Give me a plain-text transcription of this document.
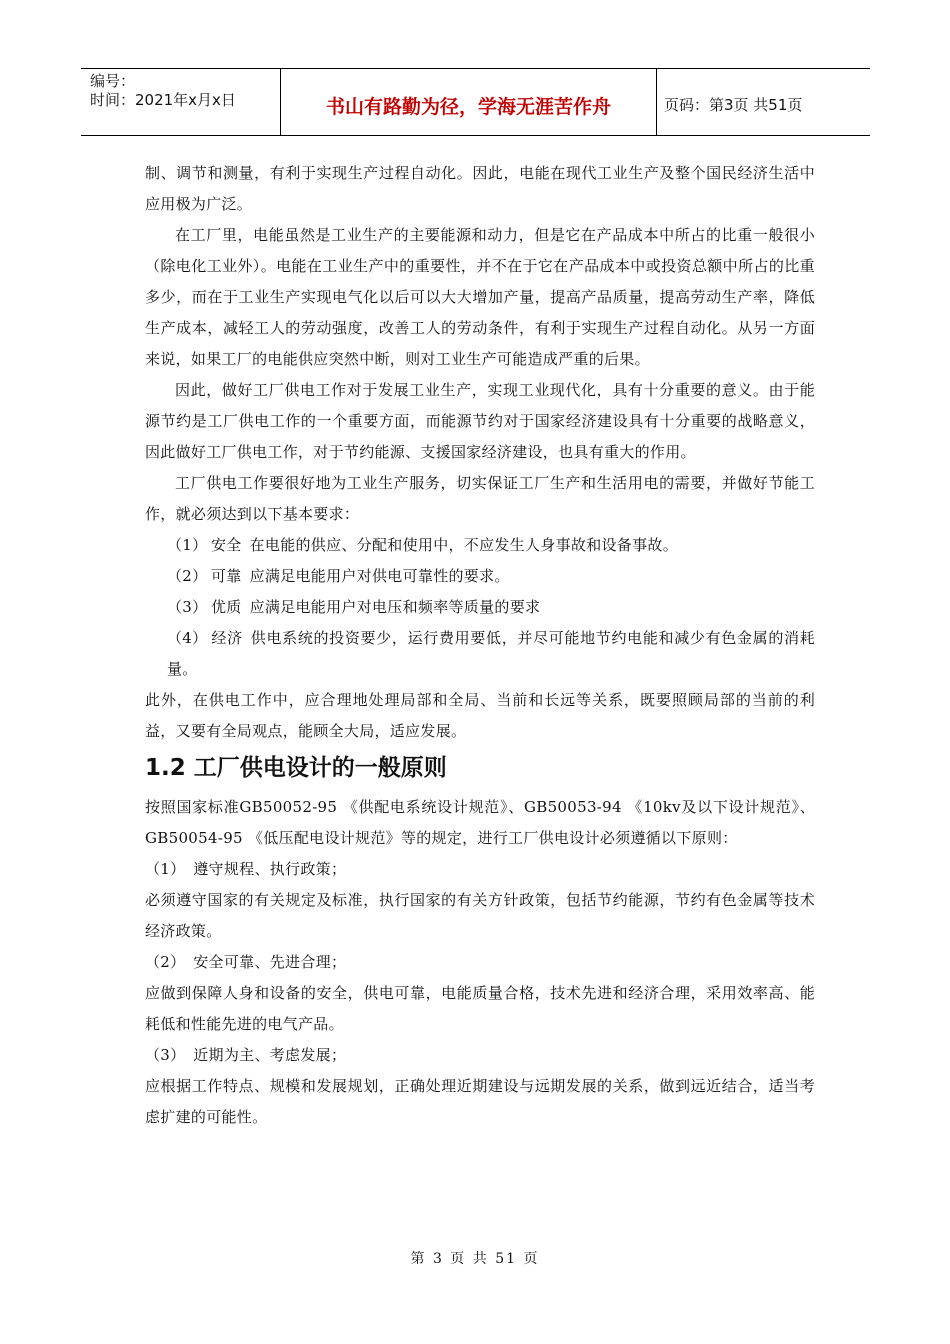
编号：
时间：2021年x月x日	书山有路勤为径，学海无涯苦作舟	页码：第3页 共51页

制、调节和测量，有利于实现生产过程自动化。因此，电能在现代工业生产及整个国民经济生活中应用极为广泛。

在工厂里，电能虽然是工业生产的主要能源和动力，但是它在产品成本中所占的比重一般很小（除电化工业外）。电能在工业生产中的重要性，并不在于它在产品成本中或投资总额中所占的比重多少，而在于工业生产实现电气化以后可以大大增加产量，提高产品质量，提高劳动生产率，降低生产成本，减轻工人的劳动强度，改善工人的劳动条件，有利于实现生产过程自动化。从另一方面来说，如果工厂的电能供应突然中断，则对工业生产可能造成严重的后果。

因此，做好工厂供电工作对于发展工业生产，实现工业现代化，具有十分重要的意义。由于能源节约是工厂供电工作的一个重要方面，而能源节约对于国家经济建设具有十分重要的战略意义，因此做好工厂供电工作，对于节约能源、支援国家经济建设，也具有重大的作用。

工厂供电工作要很好地为工业生产服务，切实保证工厂生产和生活用电的需要，并做好节能工作，就必须达到以下基本要求：

（1） 安全 在电能的供应、分配和使用中，不应发生人身事故和设备事故。

（2） 可靠 应满足电能用户对供电可靠性的要求。

（3） 优质 应满足电能用户对电压和频率等质量的要求

（4） 经济 供电系统的投资要少，运行费用要低，并尽可能地节约电能和减少有色金属的消耗量。

此外，在供电工作中，应合理地处理局部和全局、当前和长远等关系，既要照顾局部的当前的利益，又要有全局观点，能顾全大局，适应发展。

1.2 工厂供电设计的一般原则

按照国家标准GB50052-95 《供配电系统设计规范》、GB50053-94 《10kv及以下设计规范》、GB50054-95 《低压配电设计规范》等的规定，进行工厂供电设计必须遵循以下原则：

（1）　遵守规程、执行政策；

必须遵守国家的有关规定及标准，执行国家的有关方针政策，包括节约能源，节约有色金属等技术经济政策。

（2）　安全可靠、先进合理；

应做到保障人身和设备的安全，供电可靠，电能质量合格，技术先进和经济合理，采用效率高、能耗低和性能先进的电气产品。

（3）　近期为主、考虑发展；

应根据工作特点、规模和发展规划，正确处理近期建设与远期发展的关系，做到远近结合，适当考虑扩建的可能性。

第 3 页 共 51 页
